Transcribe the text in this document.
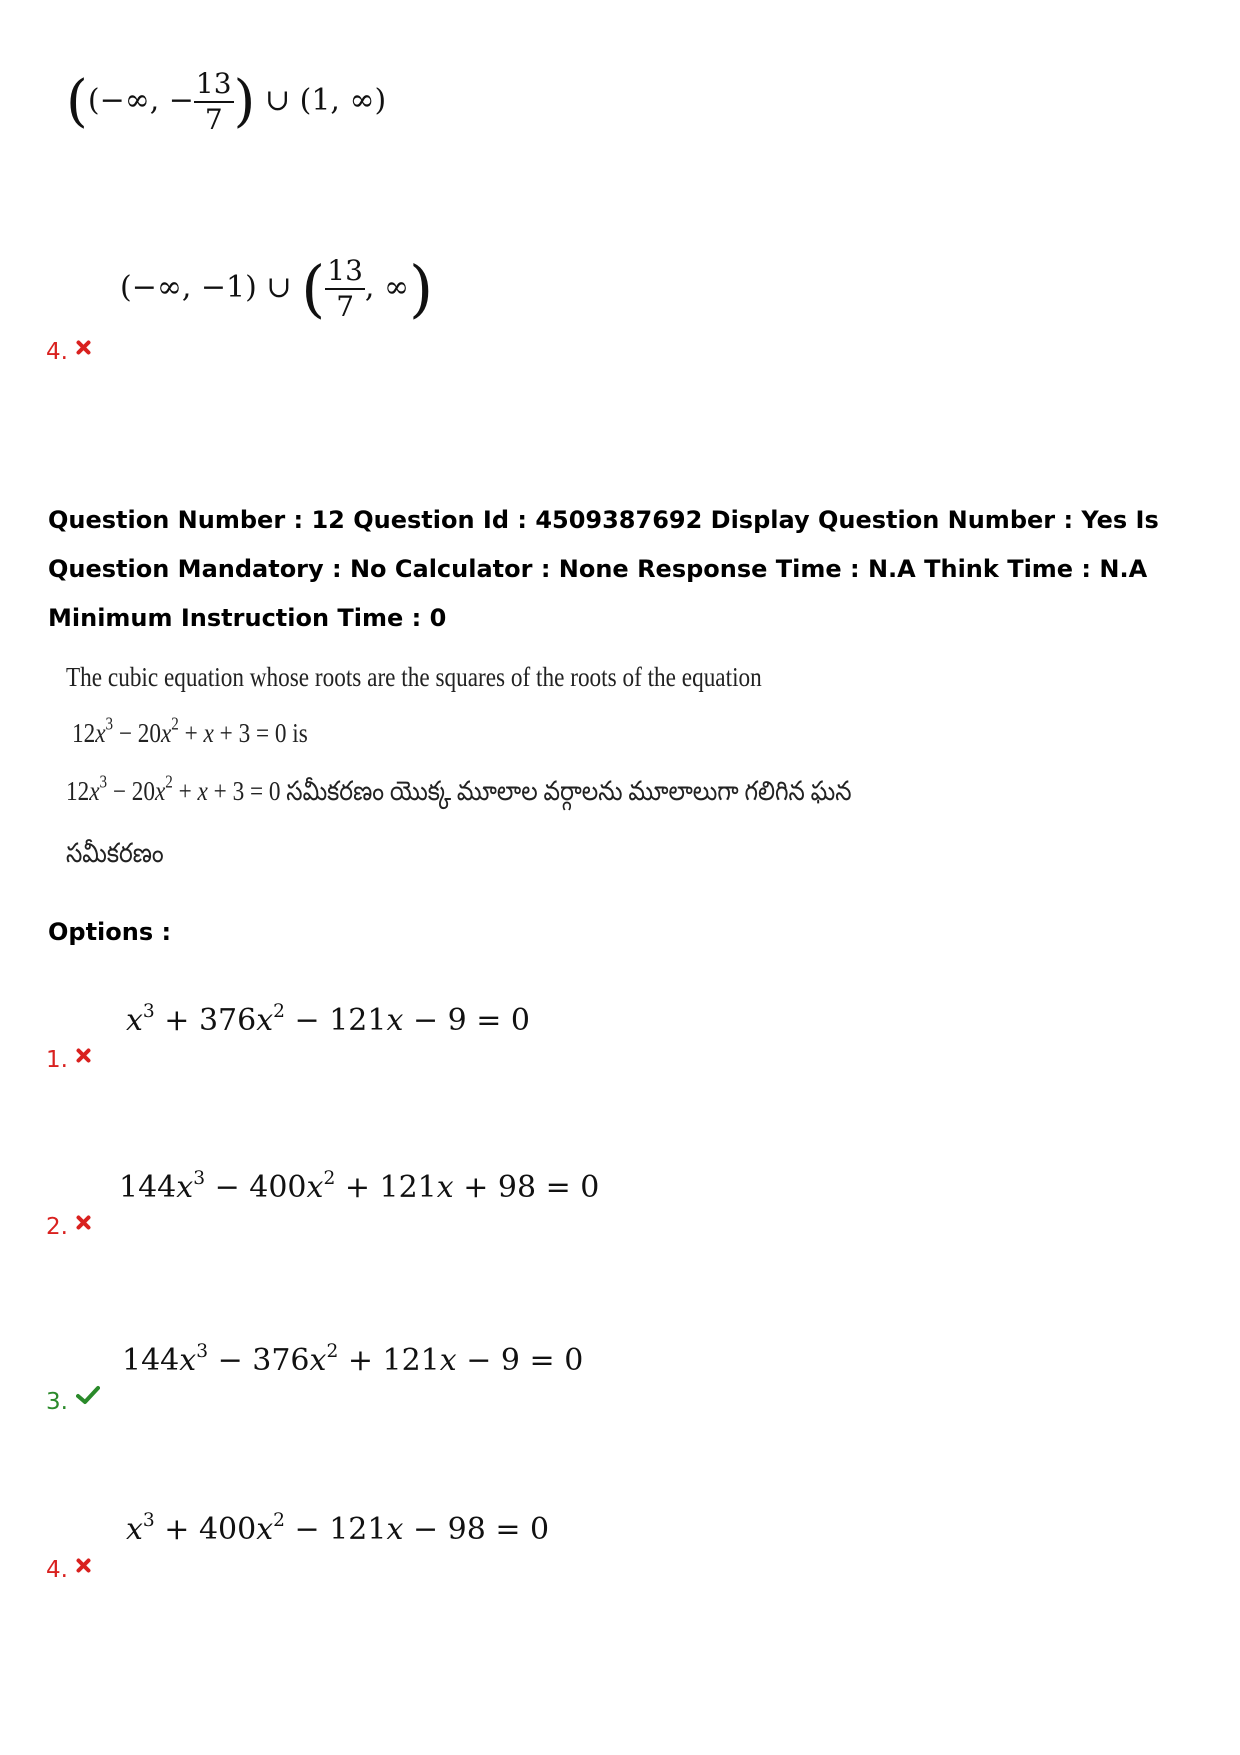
((−∞, − $\frac{13}{7}$ ) ∪ (1, ∞)
(−∞, −1) ∪ ( $\frac{13}{7}$ , ∞)
4.
Question Number : 12 Question Id : 4509387692 Display Question Number : Yes Is Question Mandatory : No Calculator : None Response Time : N.A Think Time : N.A Minimum Instruction Time : 0
The cubic equation whose roots are the squares of the roots of the equation
$12x^3 - 20x^2 + x + 3 = 0$ is
$12x^3 - 20x^2 + x + 3 = 0$ సమీకరణం యొక్క మూలాల వర్గాలను మూలాలుగా గలిగిన ఘన
సమీకరణం
Options :
$x^3 + 376x^2 - 121x - 9 = 0$
1.
$144x^3 - 400x^2 + 121x + 98 = 0$
2.
$144x^3 - 376x^2 + 121x - 9 = 0$
3.
$x^3 + 400x^2 - 121x - 98 = 0$
4.
